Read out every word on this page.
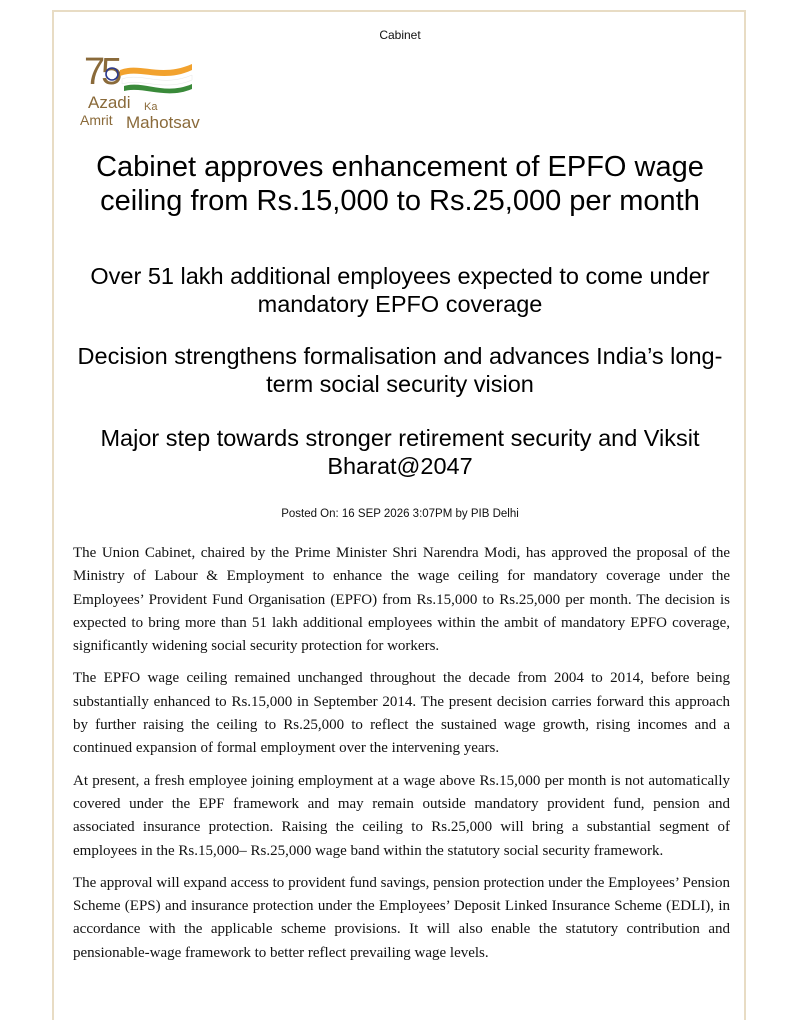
Cabinet
75
Azadi Ka
Amrit Mahotsav
Cabinet approves enhancement of EPFO wage ceiling from Rs.15,000 to Rs.25,000 per month
Over 51 lakh additional employees expected to come under mandatory EPFO coverage
Decision strengthens formalisation and advances India’s long-term social security vision
Major step towards stronger retirement security and Viksit Bharat@2047
Posted On: 16 SEP 2026 3:07PM by PIB Delhi

The Union Cabinet, chaired by the Prime Minister Shri Narendra Modi, has approved the proposal of the Ministry of Labour & Employment to enhance the wage ceiling for mandatory coverage under the Employees’ Provident Fund Organisation (EPFO) from Rs.15,000 to Rs.25,000 per month. The decision is expected to bring more than 51 lakh additional employees within the ambit of mandatory EPFO coverage, significantly widening social security protection for workers.

The EPFO wage ceiling remained unchanged throughout the decade from 2004 to 2014, before being substantially enhanced to Rs.15,000 in September 2014. The present decision carries forward this approach by further raising the ceiling to Rs.25,000 to reflect the sustained wage growth, rising incomes and a continued expansion of formal employment over the intervening years.

At present, a fresh employee joining employment at a wage above Rs.15,000 per month is not automatically covered under the EPF framework and may remain outside mandatory provident fund, pension and associated insurance protection. Raising the ceiling to Rs.25,000 will bring a substantial segment of employees in the Rs.15,000– Rs.25,000 wage band within the statutory social security framework.

The approval will expand access to provident fund savings, pension protection under the Employees’ Pension Scheme (EPS) and insurance protection under the Employees’ Deposit Linked Insurance Scheme (EDLI), in accordance with the applicable scheme provisions. It will also enable the statutory contribution and pensionable-wage framework to better reflect prevailing wage levels.
